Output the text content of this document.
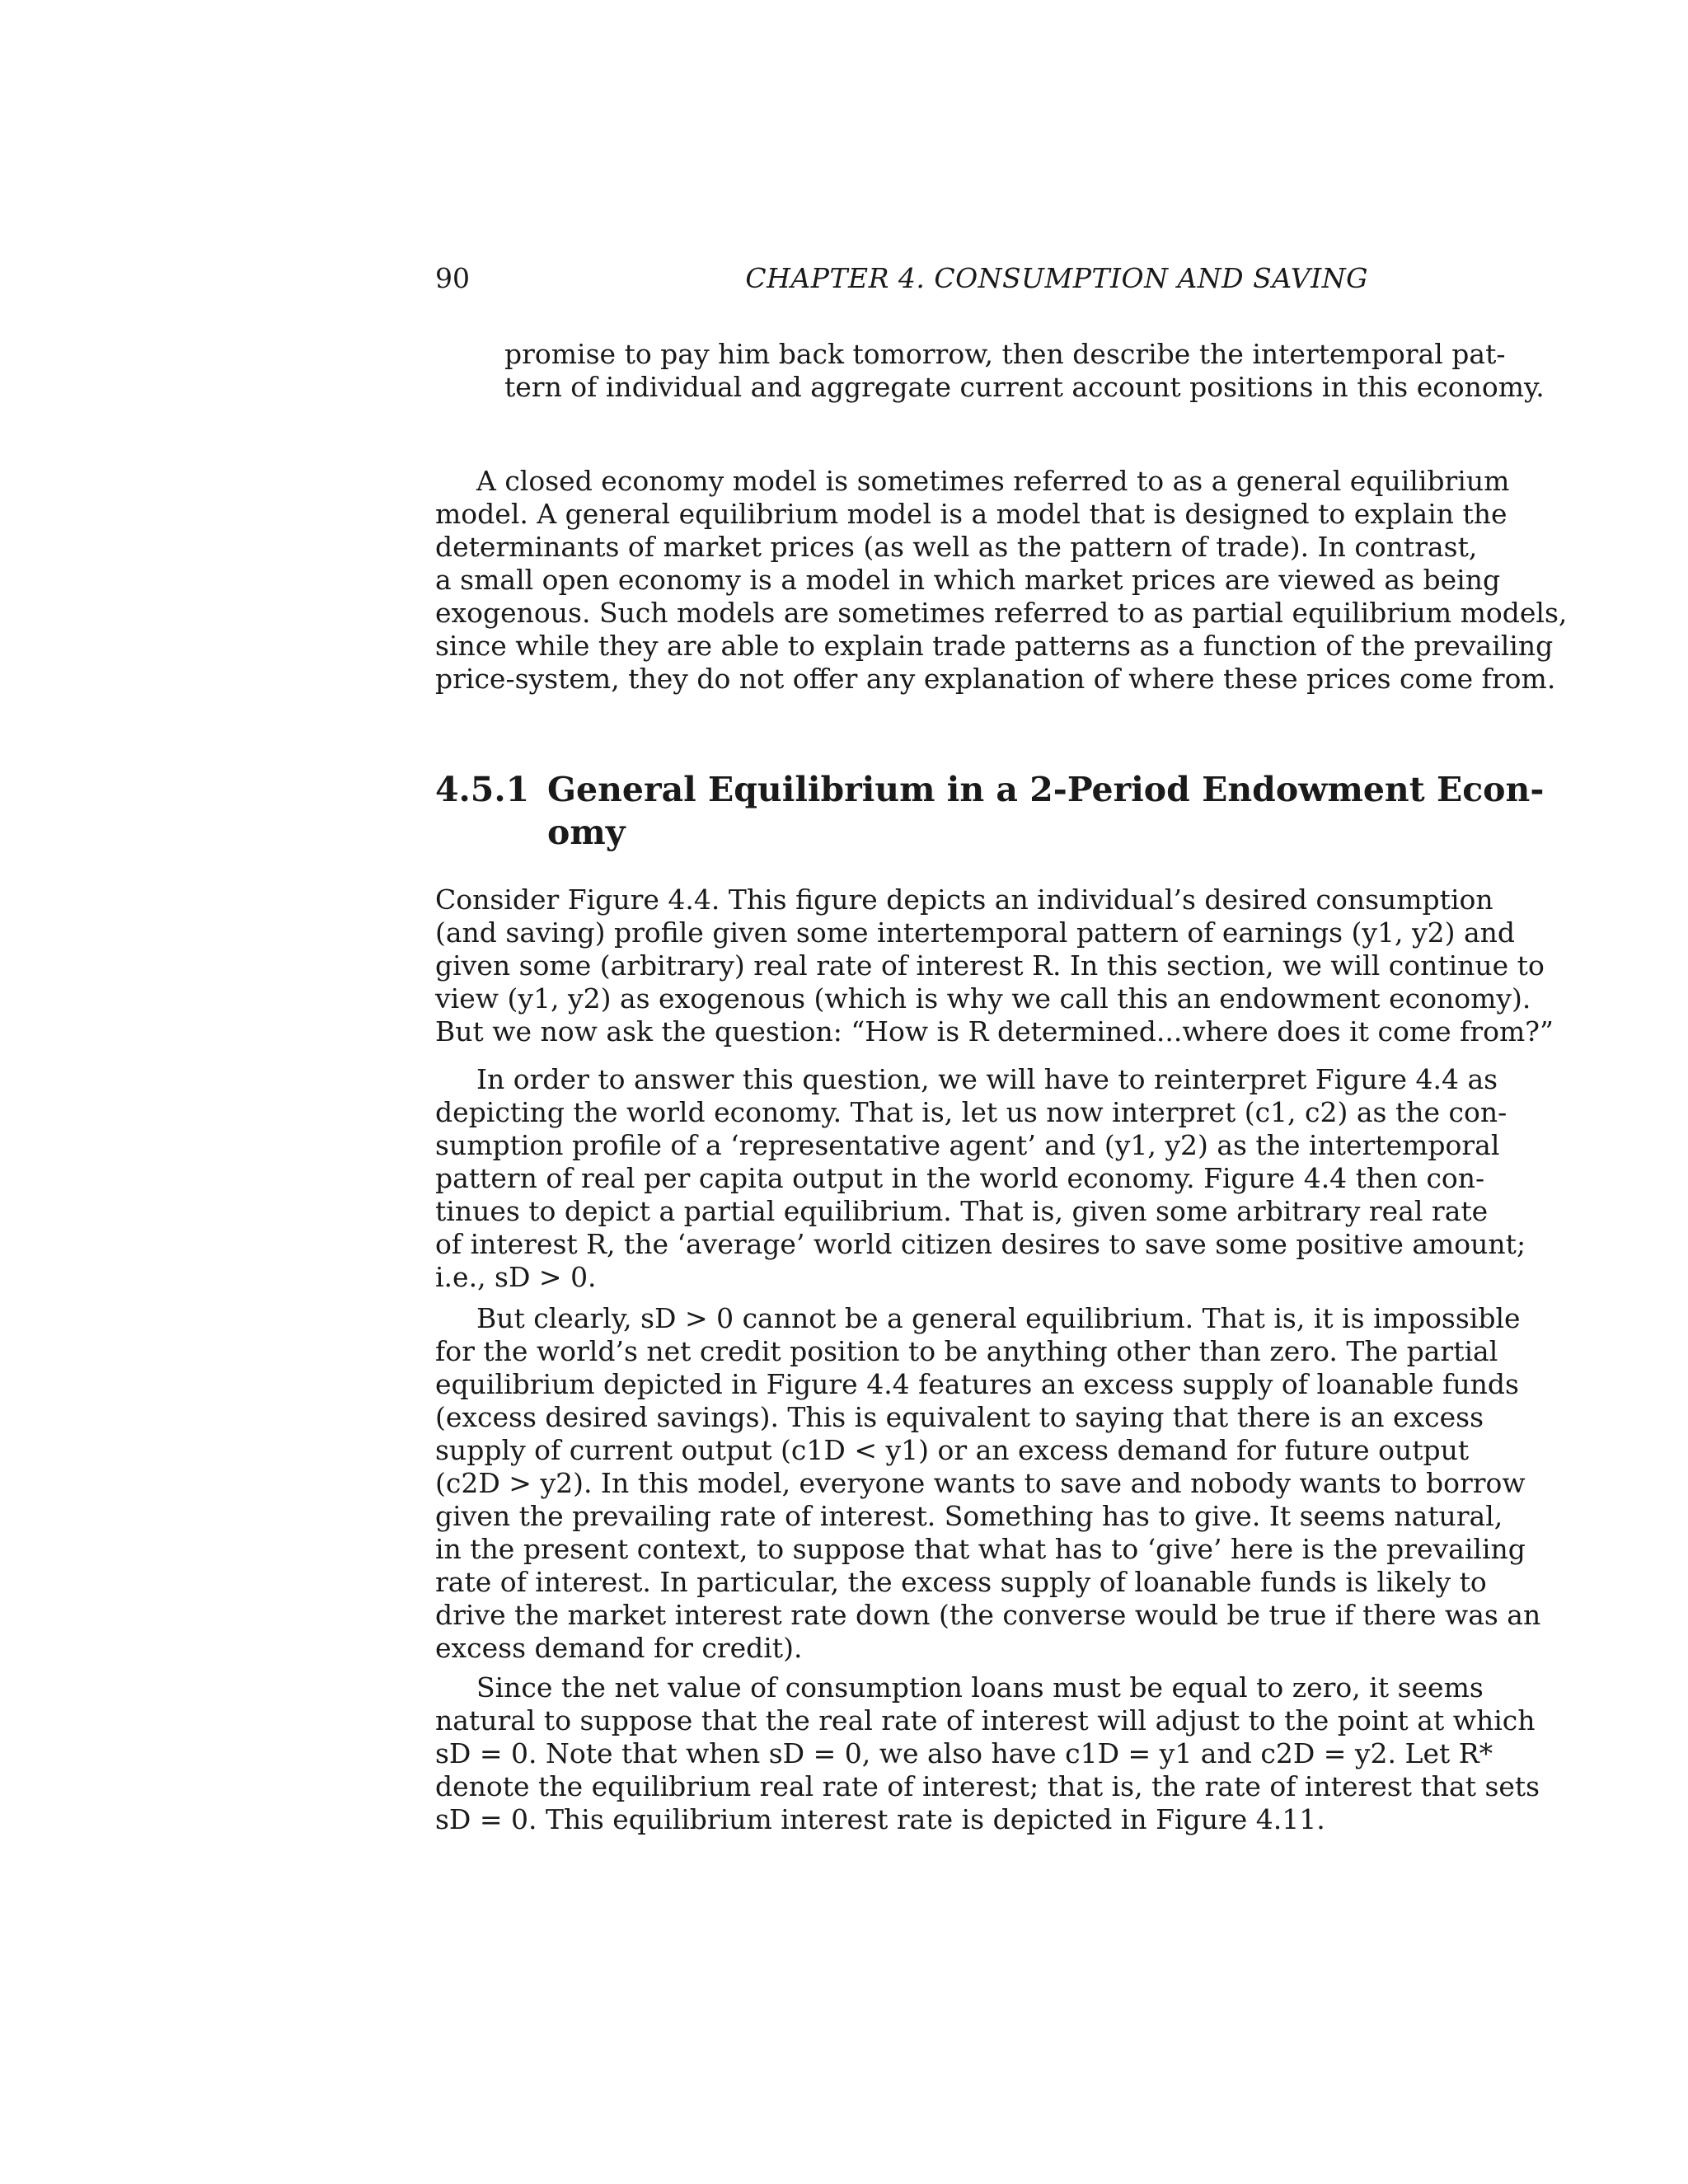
90	CHAPTER 4. CONSUMPTION AND SAVING
promise to pay him back tomorrow, then describe the intertemporal pat-
tern of individual and aggregate current account positions in this economy.
A closed economy model is sometimes referred to as a general equilibrium
model. A general equilibrium model is a model that is designed to explain the
determinants of market prices (as well as the pattern of trade). In contrast,
a small open economy is a model in which market prices are viewed as being
exogenous. Such models are sometimes referred to as partial equilibrium models,
since while they are able to explain trade patterns as a function of the prevailing
price-system, they do not offer any explanation of where these prices come from.
4.5.1 General Equilibrium in a 2-Period Endowment Econ-
omy
Consider Figure 4.4. This figure depicts an individual’s desired consumption
(and saving) profile given some intertemporal pattern of earnings (y1, y2) and
given some (arbitrary) real rate of interest R. In this section, we will continue to
view (y1, y2) as exogenous (which is why we call this an endowment economy).
But we now ask the question: “How is R determined...where does it come from?”
In order to answer this question, we will have to reinterpret Figure 4.4 as
depicting the world economy. That is, let us now interpret (c1, c2) as the con-
sumption profile of a ‘representative agent’ and (y1, y2) as the intertemporal
pattern of real per capita output in the world economy. Figure 4.4 then con-
tinues to depict a partial equilibrium. That is, given some arbitrary real rate
of interest R, the ‘average’ world citizen desires to save some positive amount;
i.e., sD > 0.
But clearly, sD > 0 cannot be a general equilibrium. That is, it is impossible
for the world’s net credit position to be anything other than zero. The partial
equilibrium depicted in Figure 4.4 features an excess supply of loanable funds
(excess desired savings). This is equivalent to saying that there is an excess
supply of current output (c1D < y1) or an excess demand for future output
(c2D > y2). In this model, everyone wants to save and nobody wants to borrow
given the prevailing rate of interest. Something has to give. It seems natural,
in the present context, to suppose that what has to ‘give’ here is the prevailing
rate of interest. In particular, the excess supply of loanable funds is likely to
drive the market interest rate down (the converse would be true if there was an
excess demand for credit).
Since the net value of consumption loans must be equal to zero, it seems
natural to suppose that the real rate of interest will adjust to the point at which
sD = 0. Note that when sD = 0, we also have c1D = y1 and c2D = y2. Let R*
denote the equilibrium real rate of interest; that is, the rate of interest that sets
sD = 0. This equilibrium interest rate is depicted in Figure 4.11.
